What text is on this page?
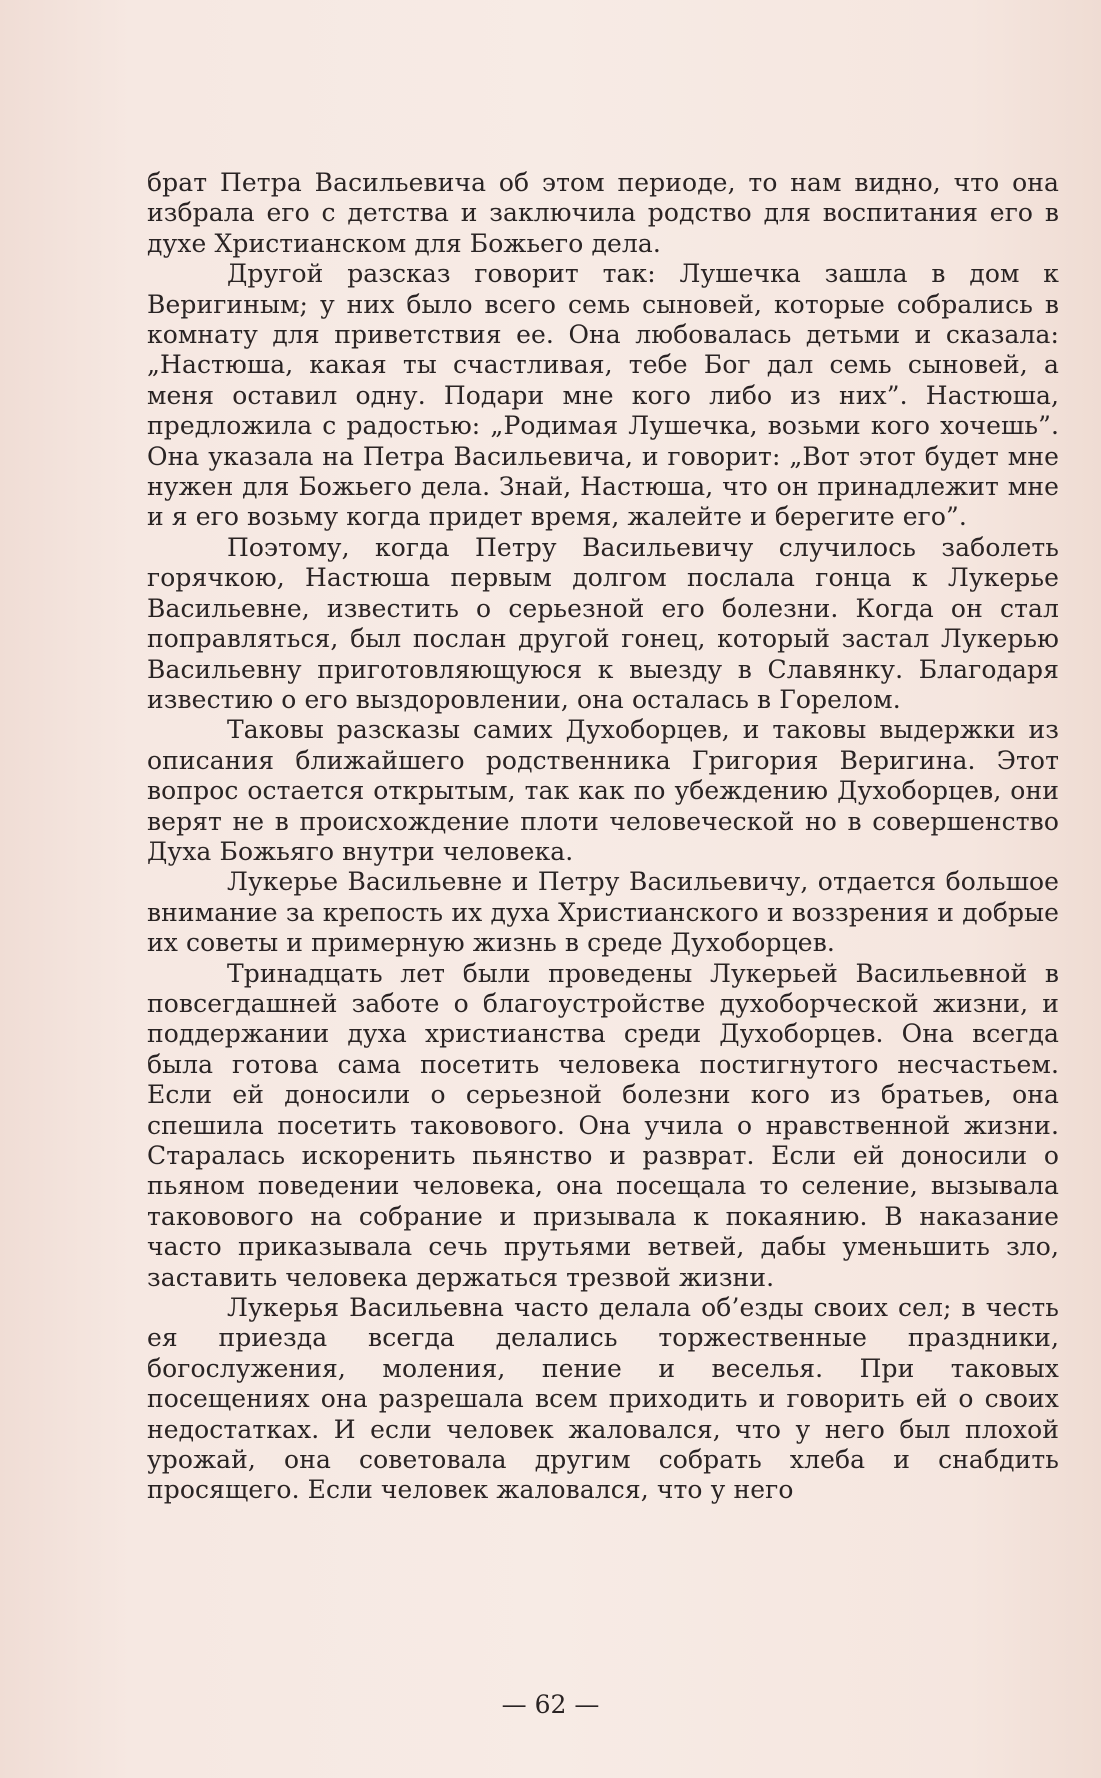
брат Петра Васильевича об этом периоде, то нам видно, что она избрала его с детства и заключила родство для воспитания его в духе Христианском для Божьего дела.

Другой разсказ говорит так: Лушечка зашла в дом к Веригиным; у них было всего семь сыновей, которые собрались в комнату для приветствия ее. Она любовалась детьми и сказала: „Настюша, какая ты счастливая, тебе Бог дал семь сыновей, а меня оставил одну. Подари мне кого либо из них”. Настюша, предложила с радостью: „Родимая Лушечка, возьми кого хочешь”. Она указала на Петра Васильевича, и говорит: „Вот этот будет мне нужен для Божьего дела. Знай, Настюша, что он принадлежит мне и я его возьму когда придет время, жалейте и берегите его”.

Поэтому, когда Петру Васильевичу случилось заболеть горячкою, Настюша первым долгом послала гонца к Лукерье Васильевне, известить о серьезной его болезни. Когда он стал поправляться, был послан другой гонец, который застал Лукерью Васильевну приготовляющуюся к выезду в Славянку. Благодаря известию о его выздоровлении, она осталась в Горелом.

Таковы разсказы самих Духоборцев, и таковы выдержки из описания ближайшего родственника Григория Веригина. Этот вопрос остается открытым, так как по убеждению Духоборцев, они верят не в происхождение плоти человеческой но в совершенство Духа Божьяго внутри человека.

Лукерье Васильевне и Петру Васильевичу, отдается большое внимание за крепость их духа Христианского и воззрения и добрые их советы и примерную жизнь в среде Духоборцев.

Тринадцать лет были проведены Лукерьей Васильевной в повсегдашней заботе о благоустройстве духоборческой жизни, и поддержании духа христианства среди Духоборцев. Она всегда была готова сама посетить человека постигнутого несчастьем. Если ей доносили о серьезной болезни кого из братьев, она спешила посетить таковового. Она учила о нравственной жизни. Старалась искоренить пьянство и разврат. Если ей доносили о пьяном поведении человека, она посещала то селение, вызывала таковового на собрание и призывала к покаянию. В наказание часто приказывала сечь прутьями ветвей, дабы уменьшить зло, заставить человека держаться трезвой жизни.

Лукерья Васильевна часто делала об’езды своих сел; в честь ея приезда всегда делались торжественные праздники, богослужения, моления, пение и веселья. При таковых посещениях она разрешала всем приходить и говорить ей о своих недостатках. И если человек жаловался, что у него был плохой урожай, она советовала другим собрать хлеба и снабдить просящего. Если человек жаловался, что у него

— 62 —
